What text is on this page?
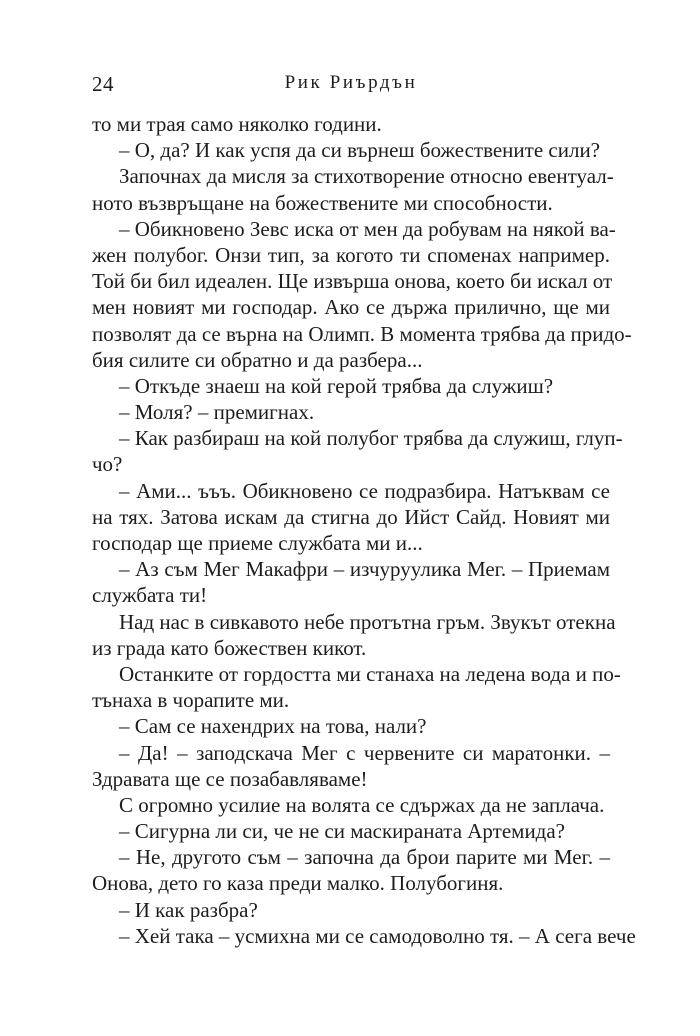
24	Рик Риърдън
то ми трая само няколко години.
– О, да? И как успя да си върнеш божествените сили?
Започнах да мисля за стихотворение относно евентуал-
ното възвръщане на божествените ми способности.
– Обикновено Зевс иска от мен да робувам на някой ва-
жен полубог. Онзи тип, за когото ти споменах например.
Той би бил идеален. Ще извърша онова, което би искал от
мен новият ми господар. Ако се държа прилично, ще ми
позволят да се върна на Олимп. В момента трябва да придо-
бия силите си обратно и да разбера...
– Откъде знаеш на кой герой трябва да служиш?
– Моля? – премигнах.
– Как разбираш на кой полубог трябва да служиш, глуп-
чо?
– Ами... ъъъ. Обикновено се подразбира. Натъквам се
на тях. Затова искам да стигна до Ийст Сайд. Новият ми
господар ще приеме службата ми и...
– Аз съм Мег Макафри – изчуруулика Мег. – Приемам
службата ти!
Над нас в сивкавото небе протътна гръм. Звукът отекна
из града като божествен кикот.
Останките от гордостта ми станаха на ледена вода и по-
тънаха в чорапите ми.
– Сам се нахендрих на това, нали?
– Да! – заподскача Мег с червените си маратонки. –
Здравата ще се позабавляваме!
С огромно усилие на волята се сдържах да не заплача.
– Сигурна ли си, че не си маскираната Артемида?
– Не, другото съм – започна да брои парите ми Мег. –
Онова, дето го каза преди малко. Полубогиня.
– И как разбра?
– Хей така – усмихна ми се самодоволно тя. – А сега вече
